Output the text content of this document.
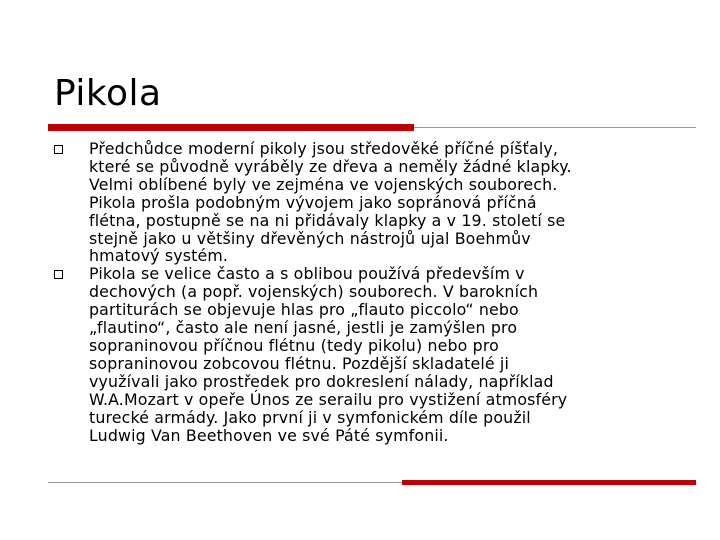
Pikola
Předchůdce moderní pikoly jsou středověké příčné píšťaly,
které se původně vyráběly ze dřeva a neměly žádné klapky.
Velmi oblíbené byly ve zejména ve vojenských souborech.
Pikola prošla podobným vývojem jako sopránová příčná
flétna, postupně se na ni přidávaly klapky a v 19. století se
stejně jako u většiny dřevěných nástrojů ujal Boehmův
hmatový systém.
Pikola se velice často a s oblibou používá především v
dechových (a popř. vojenských) souborech. V barokních
partiturách se objevuje hlas pro „flauto piccolo“ nebo
„flautino“, často ale není jasné, jestli je zamýšlen pro
sopraninovou příčnou flétnu (tedy pikolu) nebo pro
sopraninovou zobcovou flétnu. Pozdější skladatelé ji
využívali jako prostředek pro dokreslení nálady, například
W.A.Mozart v opeře Únos ze serailu pro vystižení atmosféry
turecké armády. Jako první ji v symfonickém díle použil
Ludwig Van Beethoven ve své Páté symfonii.
